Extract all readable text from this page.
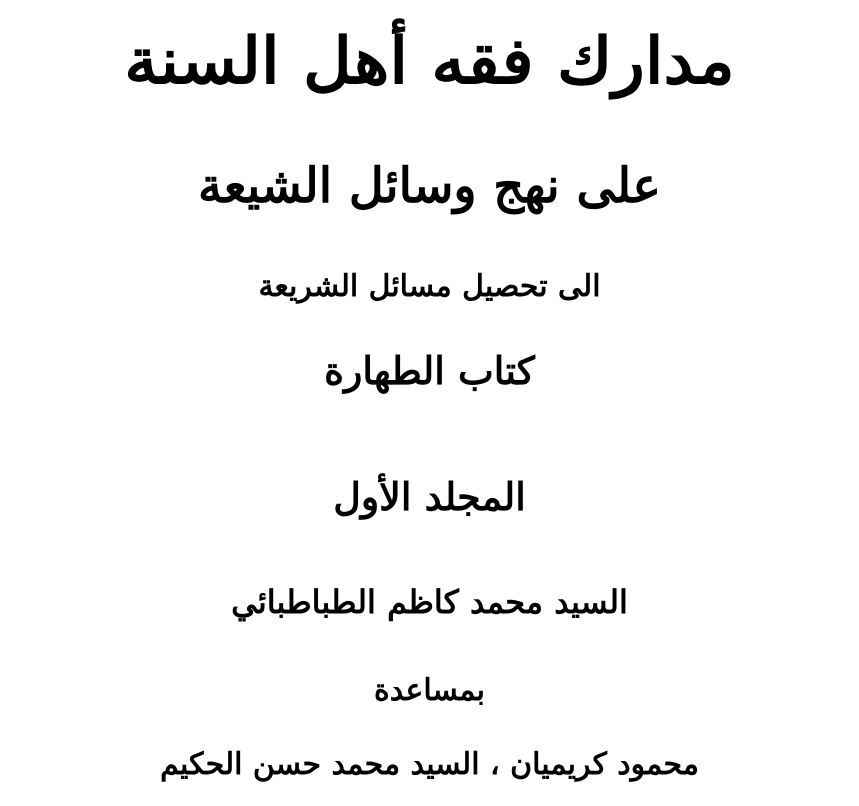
مدارك فقه أهل السنة
على نهج وسائل الشيعة
الى تحصيل مسائل الشريعة
كتاب الطهارة
المجلد الأول
السيد محمد كاظم الطباطبائي
بمساعدة
محمود كريميان ، السيد محمد حسن الحكيم
